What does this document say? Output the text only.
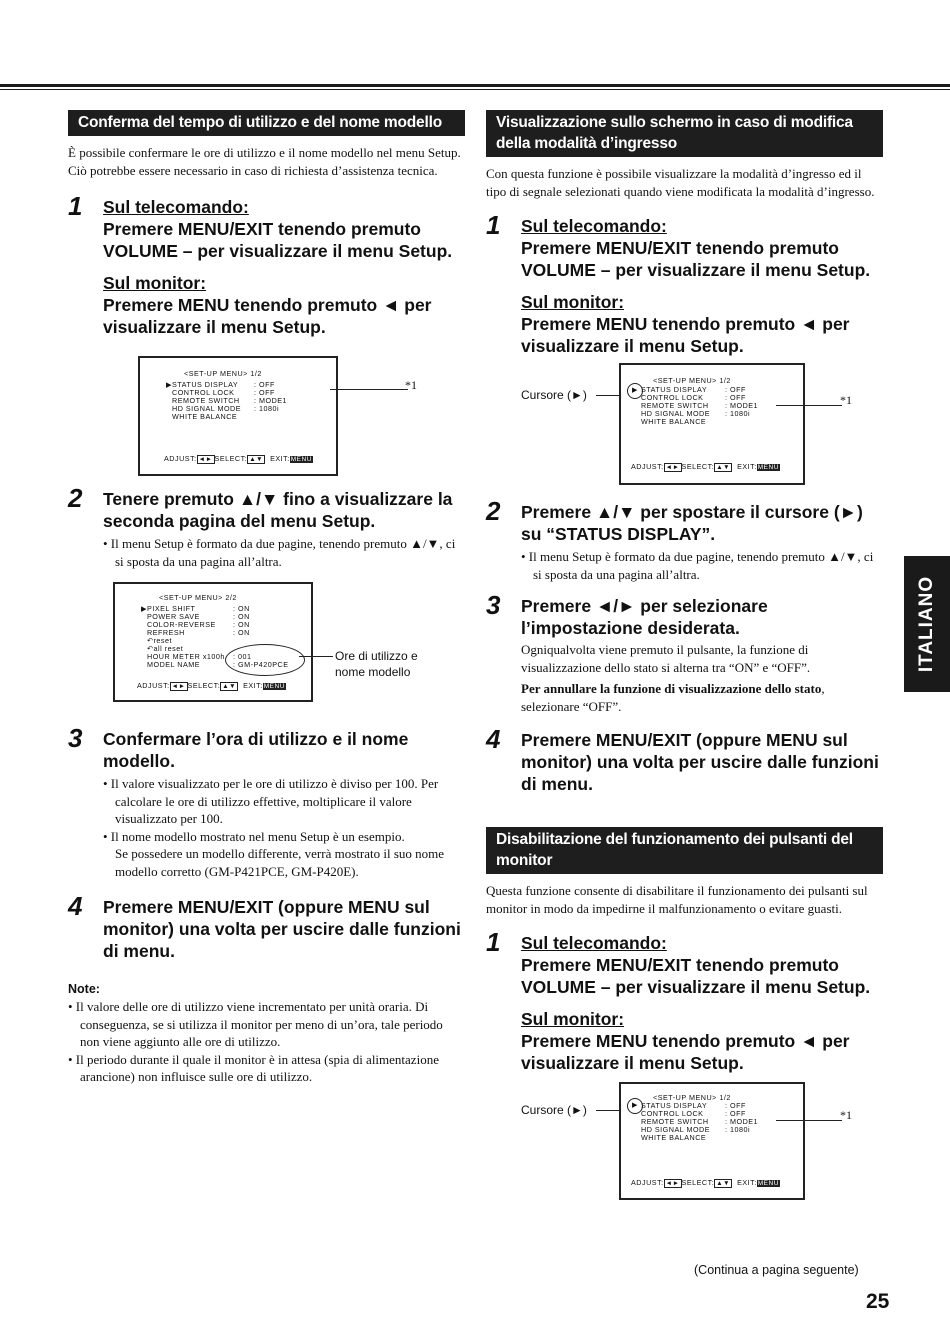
ITALIANO
Conferma del tempo di utilizzo e del nome modello

È possibile confermare le ore di utilizzo e il nome modello nel menu Setup.

Ciò potrebbe essere necessario in caso di richiesta d’assistenza tecnica.

1 Sul telecomando:

Premere MENU/EXIT tenendo premuto VOLUME – per visualizzare il menu Setup.

Sul monitor:

Premere MENU tenendo premuto ◄ per visualizzare il menu Setup.

<SET-UP MENU> 1/2
▶STATUS DISPLAY
CONTROL LOCK
REMOTE SWITCH
HD SIGNAL MODE
WHITE BALANCE
: OFF
: OFF
: MODE1
: 1080i
ADJUST: ◄► SELECT: ▲▼ EXIT:MENU
*1
2 Tenere premuto ▲/▼ fino a visualizzare la seconda pagina del menu Setup.

• Il menu Setup è formato da due pagine, tenendo premuto ▲/▼, ci si sposta da una pagina all’altra.

<SET-UP MENU> 2/2
▶PIXEL SHIFT
POWER SAVE
COLOR-REVERSE
REFRESH
↶reset
↶all reset
HOUR METER x100h
MODEL NAME
: ON
: ON
: ON
: ON
: 001
: GM-P420PCE
ADJUST: ◄► SELECT: ▲▼ EXIT:MENU
Ore di utilizzo e nome modello
3 Confermare l’ora di utilizzo e il nome modello.

• Il valore visualizzato per le ore di utilizzo è diviso per 100. Per calcolare le ore di utilizzo effettive, moltiplicare il valore visualizzato per 100.

• Il nome modello mostrato nel menu Setup è un esempio.

Se possedere un modello differente, verrà mostrato il suo nome modello corretto (GM-P421PCE, GM-P420E).

4 Premere MENU/EXIT (oppure MENU sul monitor) una volta per uscire dalle funzioni di menu.

Note:

• Il valore delle ore di utilizzo viene incrementato per unità oraria. Di conseguenza, se si utilizza il monitor per meno di un’ora, tale periodo non viene aggiunto alle ore di utilizzo.

• Il periodo durante il quale il monitor è in attesa (spia di alimentazione arancione) non influisce sulle ore di utilizzo.

Visualizzazione sullo schermo in caso di modifica della modalità d’ingresso

Con questa funzione è possibile visualizzare la modalità d’ingresso ed il tipo di segnale selezionati quando viene modificata la modalità d’ingresso.

1 Sul telecomando:

Premere MENU/EXIT tenendo premuto VOLUME – per visualizzare il menu Setup.

Sul monitor:

Premere MENU tenendo premuto ◄ per visualizzare il menu Setup.

Cursore (►)
<SET-UP MENU> 1/2
▶ STATUS DISPLAY
CONTROL LOCK
REMOTE SWITCH
HD SIGNAL MODE
WHITE BALANCE
: OFF
: OFF
: MODE1
: 1080i
ADJUST: ◄► SELECT: ▲▼ EXIT:MENU
*1
2 Premere ▲/▼ per spostare il cursore (►) su “STATUS DISPLAY”.

• Il menu Setup è formato da due pagine, tenendo premuto ▲/▼, ci si sposta da una pagina all’altra.

3 Premere ◄/► per selezionare l’impostazione desiderata.

Ogniqualvolta viene premuto il pulsante, la funzione di visualizzazione dello stato si alterna tra “ON” e “OFF”.

Per annullare la funzione di visualizzazione dello stato, selezionare “OFF”.

4 Premere MENU/EXIT (oppure MENU sul monitor) una volta per uscire dalle funzioni di menu.

Disabilitazione del funzionamento dei pulsanti del monitor

Questa funzione consente di disabilitare il funzionamento dei pulsanti sul monitor in modo da impedirne il malfunzionamento o evitare guasti.

1 Sul telecomando:

Premere MENU/EXIT tenendo premuto VOLUME – per visualizzare il menu Setup.

Sul monitor:

Premere MENU tenendo premuto ◄ per visualizzare il menu Setup.

Cursore (►)
<SET-UP MENU> 1/2
▶ STATUS DISPLAY
CONTROL LOCK
REMOTE SWITCH
HD SIGNAL MODE
WHITE BALANCE
: OFF
: OFF
: MODE1
: 1080i
ADJUST: ◄► SELECT: ▲▼ EXIT:MENU
*1
(Continua a pagina seguente)
25
